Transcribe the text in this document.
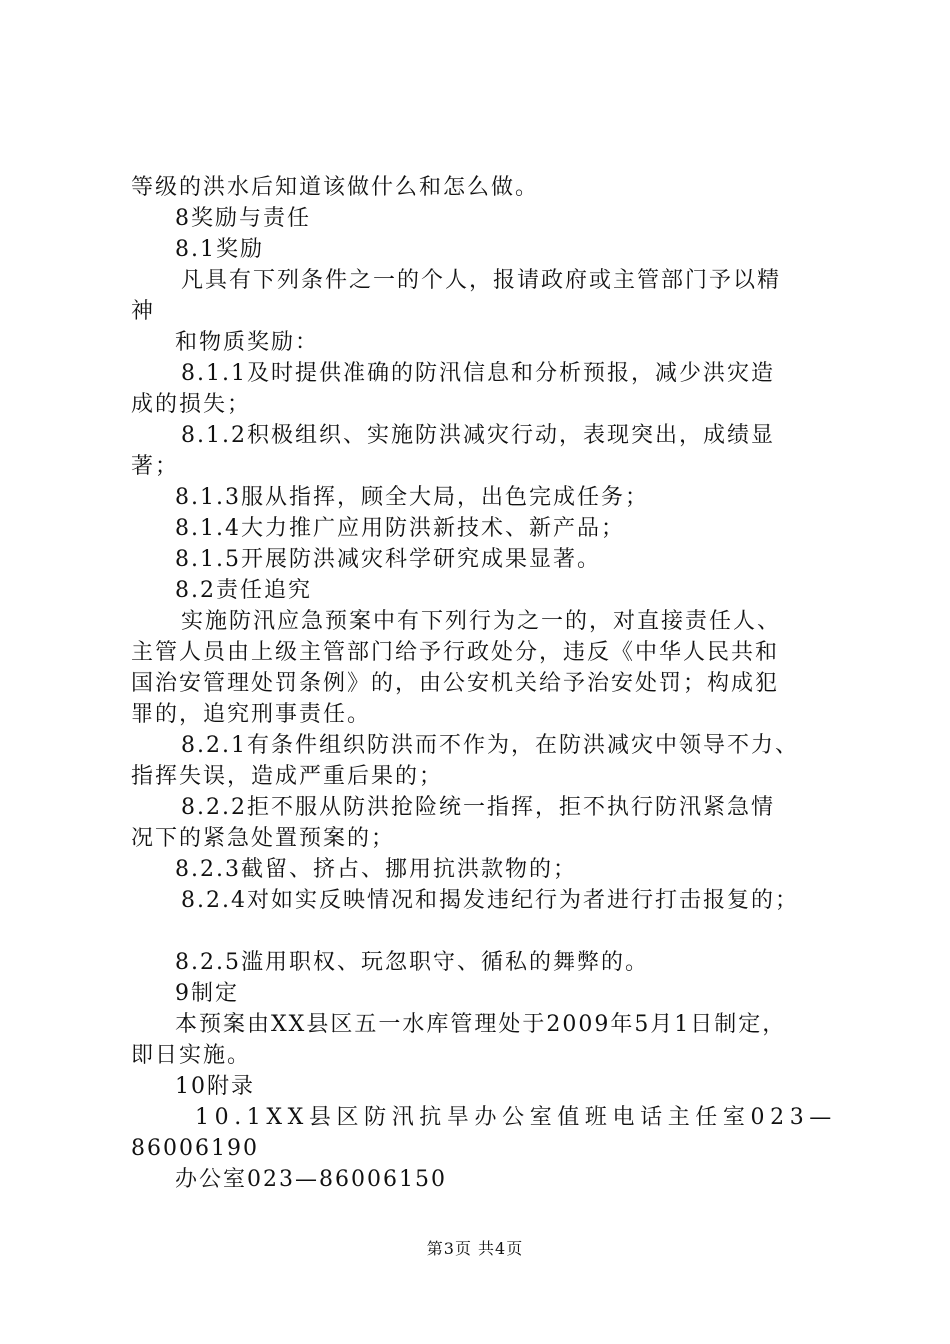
等级的洪水后知道该做什么和怎么做。
8奖励与责任
8.1奖励
凡具有下列条件之一的个人，报请政府或主管部门予以精
神
和物质奖励：
8.1.1及时提供准确的防汛信息和分析预报，减少洪灾造
成的损失；
8.1.2积极组织、实施防洪减灾行动，表现突出，成绩显
著；
8.1.3服从指挥，顾全大局，出色完成任务；
8.1.4大力推广应用防洪新技术、新产品；
8.1.5开展防洪减灾科学研究成果显著。
8.2责任追究
实施防汛应急预案中有下列行为之一的，对直接责任人、
主管人员由上级主管部门给予行政处分，违反《中华人民共和
国治安管理处罚条例》的，由公安机关给予治安处罚；构成犯
罪的，追究刑事责任。
8.2.1有条件组织防洪而不作为，在防洪减灾中领导不力、
指挥失误，造成严重后果的；
8.2.2拒不服从防洪抢险统一指挥，拒不执行防汛紧急情
况下的紧急处置预案的；
8.2.3截留、挤占、挪用抗洪款物的；
8.2.4对如实反映情况和揭发违纪行为者进行打击报复的；
8.2.5滥用职权、玩忽职守、循私的舞弊的。
9制定
本预案由XX县区五一水库管理处于2009年5月1日制定，
即日实施。
10附录
10.1XX县区防汛抗旱办公室值班电话主任室023—
86006190
办公室023—86006150
第3页 共4页
